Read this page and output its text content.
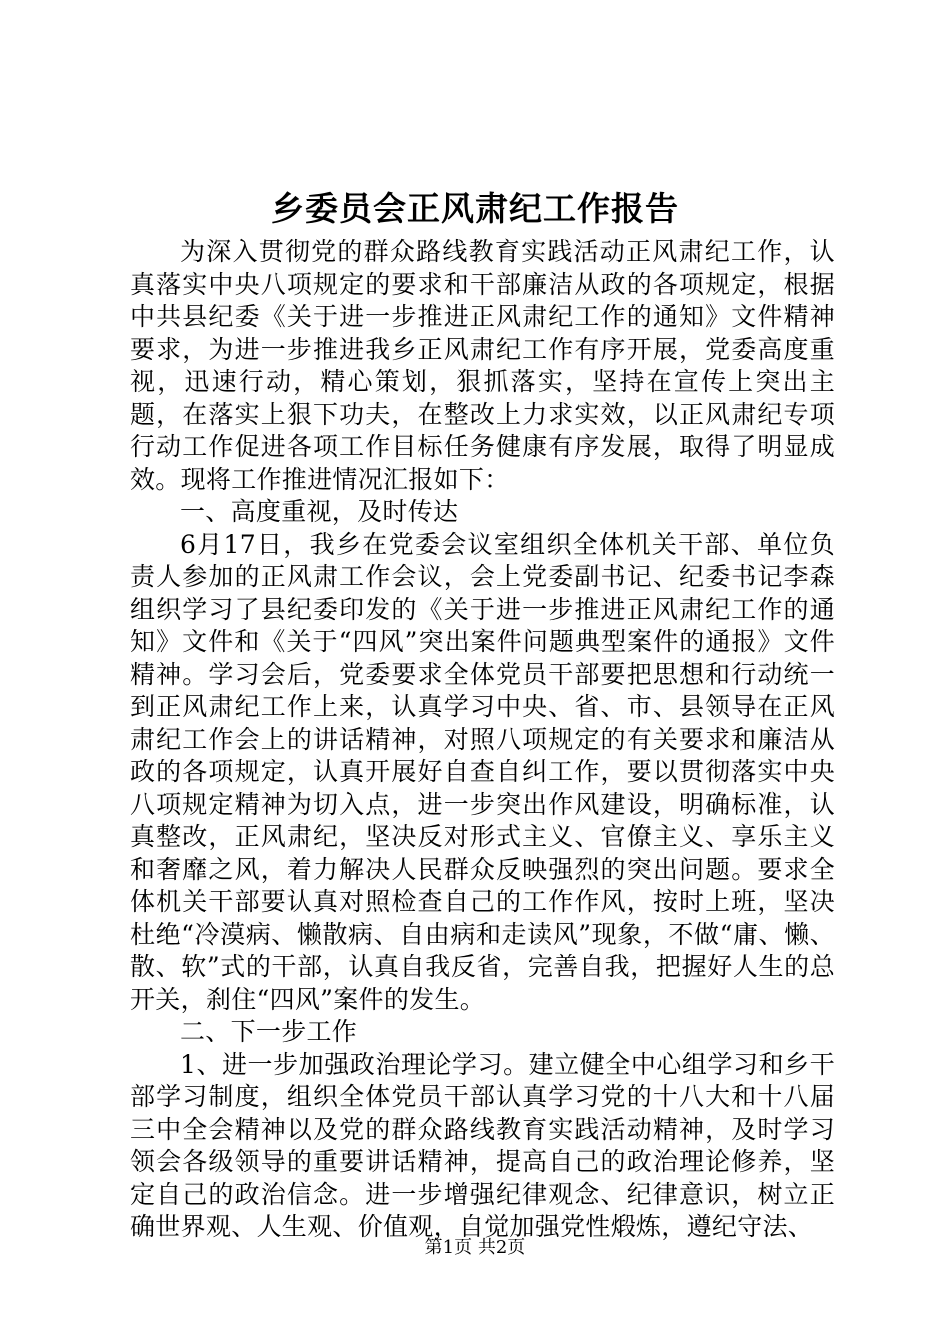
乡委员会正风肃纪工作报告

为深入贯彻党的群众路线教育实践活动正风肃纪工作，认真落实中央八项规定的要求和干部廉洁从政的各项规定，根据中共县纪委《关于进一步推进正风肃纪工作的通知》文件精神要求，为进一步推进我乡正风肃纪工作有序开展，党委高度重视，迅速行动，精心策划，狠抓落实，坚持在宣传上突出主题，在落实上狠下功夫，在整改上力求实效，以正风肃纪专项行动工作促进各项工作目标任务健康有序发展，取得了明显成效。现将工作推进情况汇报如下：

一、高度重视，及时传达

6月17日，我乡在党委会议室组织全体机关干部、单位负责人参加的正风肃工作会议，会上党委副书记、纪委书记李森组织学习了县纪委印发的《关于进一步推进正风肃纪工作的通知》文件和《关于“四风”突出案件问题典型案件的通报》文件精神。学习会后，党委要求全体党员干部要把思想和行动统一到正风肃纪工作上来，认真学习中央、省、市、县领导在正风肃纪工作会上的讲话精神，对照八项规定的有关要求和廉洁从政的各项规定，认真开展好自查自纠工作，要以贯彻落实中央八项规定精神为切入点，进一步突出作风建设，明确标准，认真整改，正风肃纪，坚决反对形式主义、官僚主义、享乐主义和奢靡之风，着力解决人民群众反映强烈的突出问题。要求全体机关干部要认真对照检查自己的工作作风，按时上班，坚决杜绝“冷漠病、懒散病、自由病和走读风”现象，不做“庸、懒、散、软”式的干部，认真自我反省，完善自我，把握好人生的总开关，刹住“四风”案件的发生。

二、下一步工作

1、进一步加强政治理论学习。建立健全中心组学习和乡干部学习制度，组织全体党员干部认真学习党的十八大和十八届三中全会精神以及党的群众路线教育实践活动精神，及时学习领会各级领导的重要讲话精神，提高自己的政治理论修养，坚定自己的政治信念。进一步增强纪律观念、纪律意识，树立正确世界观、人生观、价值观，自觉加强党性煅炼，遵纪守法、

第1页 共2页
